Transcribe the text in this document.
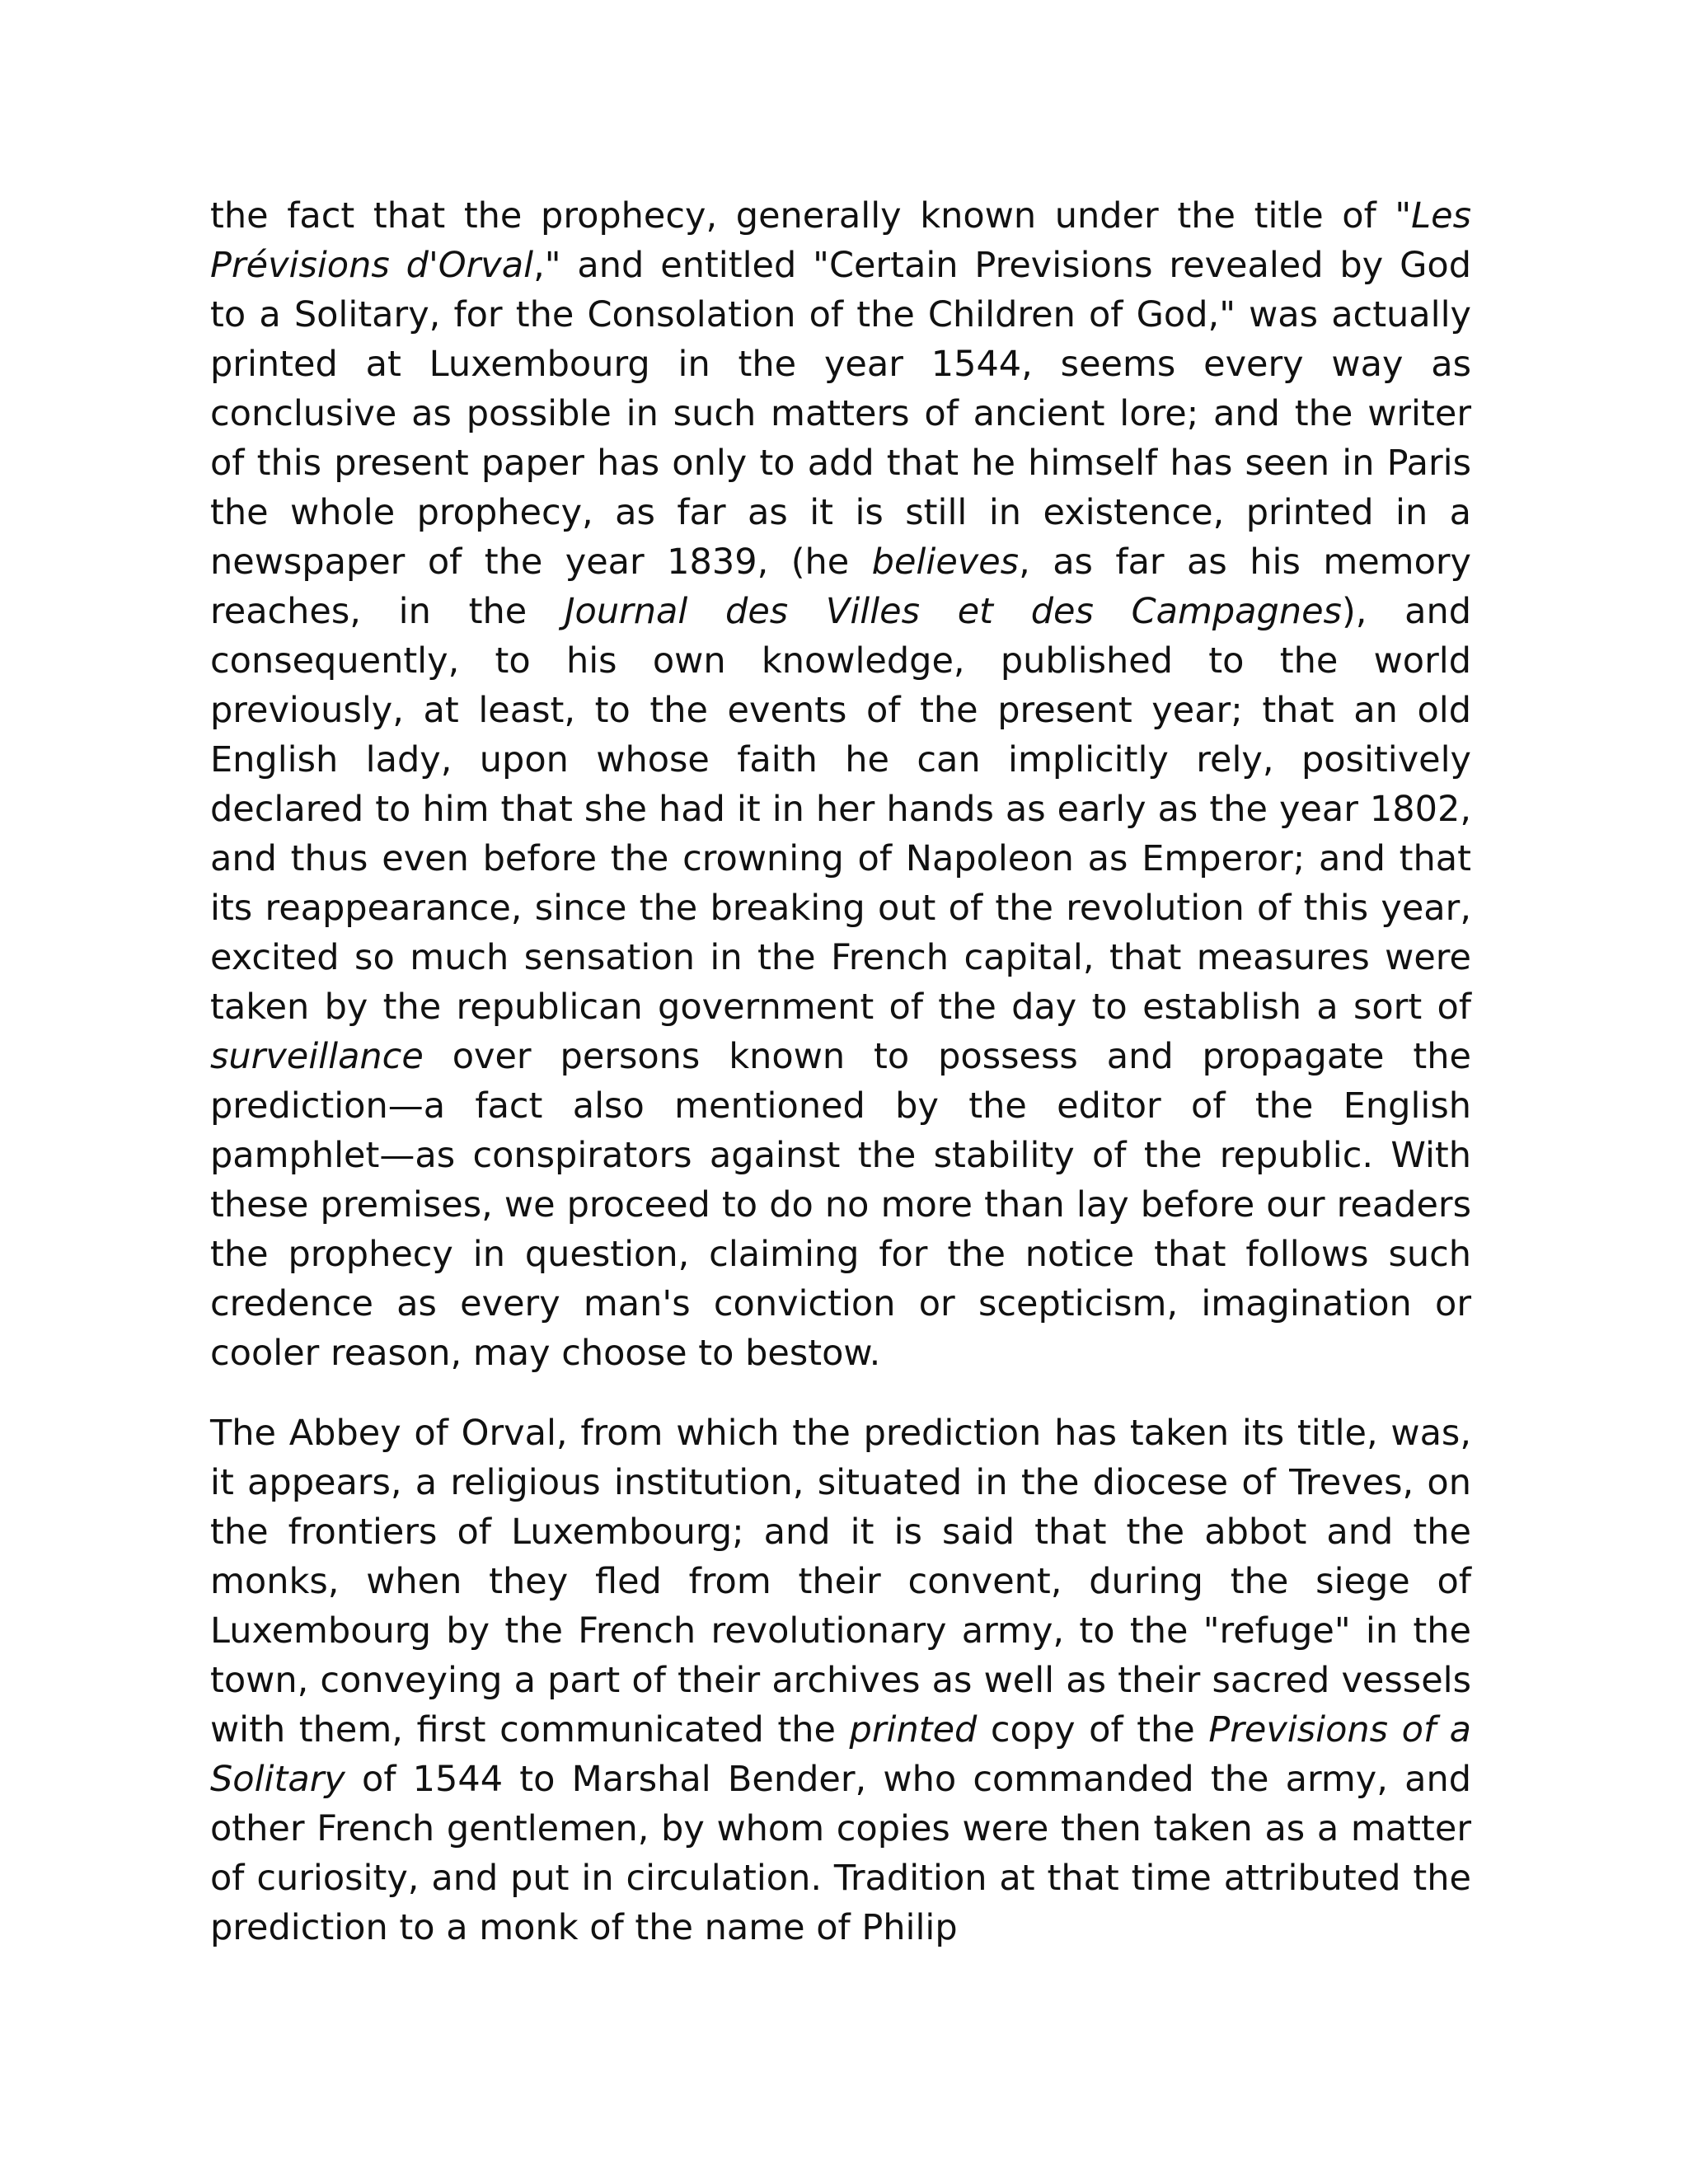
the fact that the prophecy, generally known under the title of "Les Prévisions d'Orval," and entitled "Certain Previsions revealed by God to a Solitary, for the Consolation of the Children of God," was actually printed at Luxembourg in the year 1544, seems every way as conclusive as possible in such matters of ancient lore; and the writer of this present paper has only to add that he himself has seen in Paris the whole prophecy, as far as it is still in existence, printed in a newspaper of the year 1839, (he believes, as far as his memory reaches, in the Journal des Villes et des Campagnes), and consequently, to his own knowledge, published to the world previously, at least, to the events of the present year; that an old English lady, upon whose faith he can implicitly rely, positively declared to him that she had it in her hands as early as the year 1802, and thus even before the crowning of Napoleon as Emperor; and that its reappearance, since the breaking out of the revolution of this year, excited so much sensation in the French capital, that measures were taken by the republican government of the day to establish a sort of surveillance over persons known to possess and propagate the prediction—a fact also mentioned by the editor of the English pamphlet—as conspirators against the stability of the republic. With these premises, we proceed to do no more than lay before our readers the prophecy in question, claiming for the notice that follows such credence as every man's conviction or scepticism, imagination or cooler reason, may choose to bestow.

The Abbey of Orval, from which the prediction has taken its title, was, it appears, a religious institution, situated in the diocese of Treves, on the frontiers of Luxembourg; and it is said that the abbot and the monks, when they fled from their convent, during the siege of Luxembourg by the French revolutionary army, to the "refuge" in the town, conveying a part of their archives as well as their sacred vessels with them, first communicated the printed copy of the Previsions of a Solitary of 1544 to Marshal Bender, who commanded the army, and other French gentlemen, by whom copies were then taken as a matter of curiosity, and put in circulation. Tradition at that time attributed the prediction to a monk of the name of Philip
